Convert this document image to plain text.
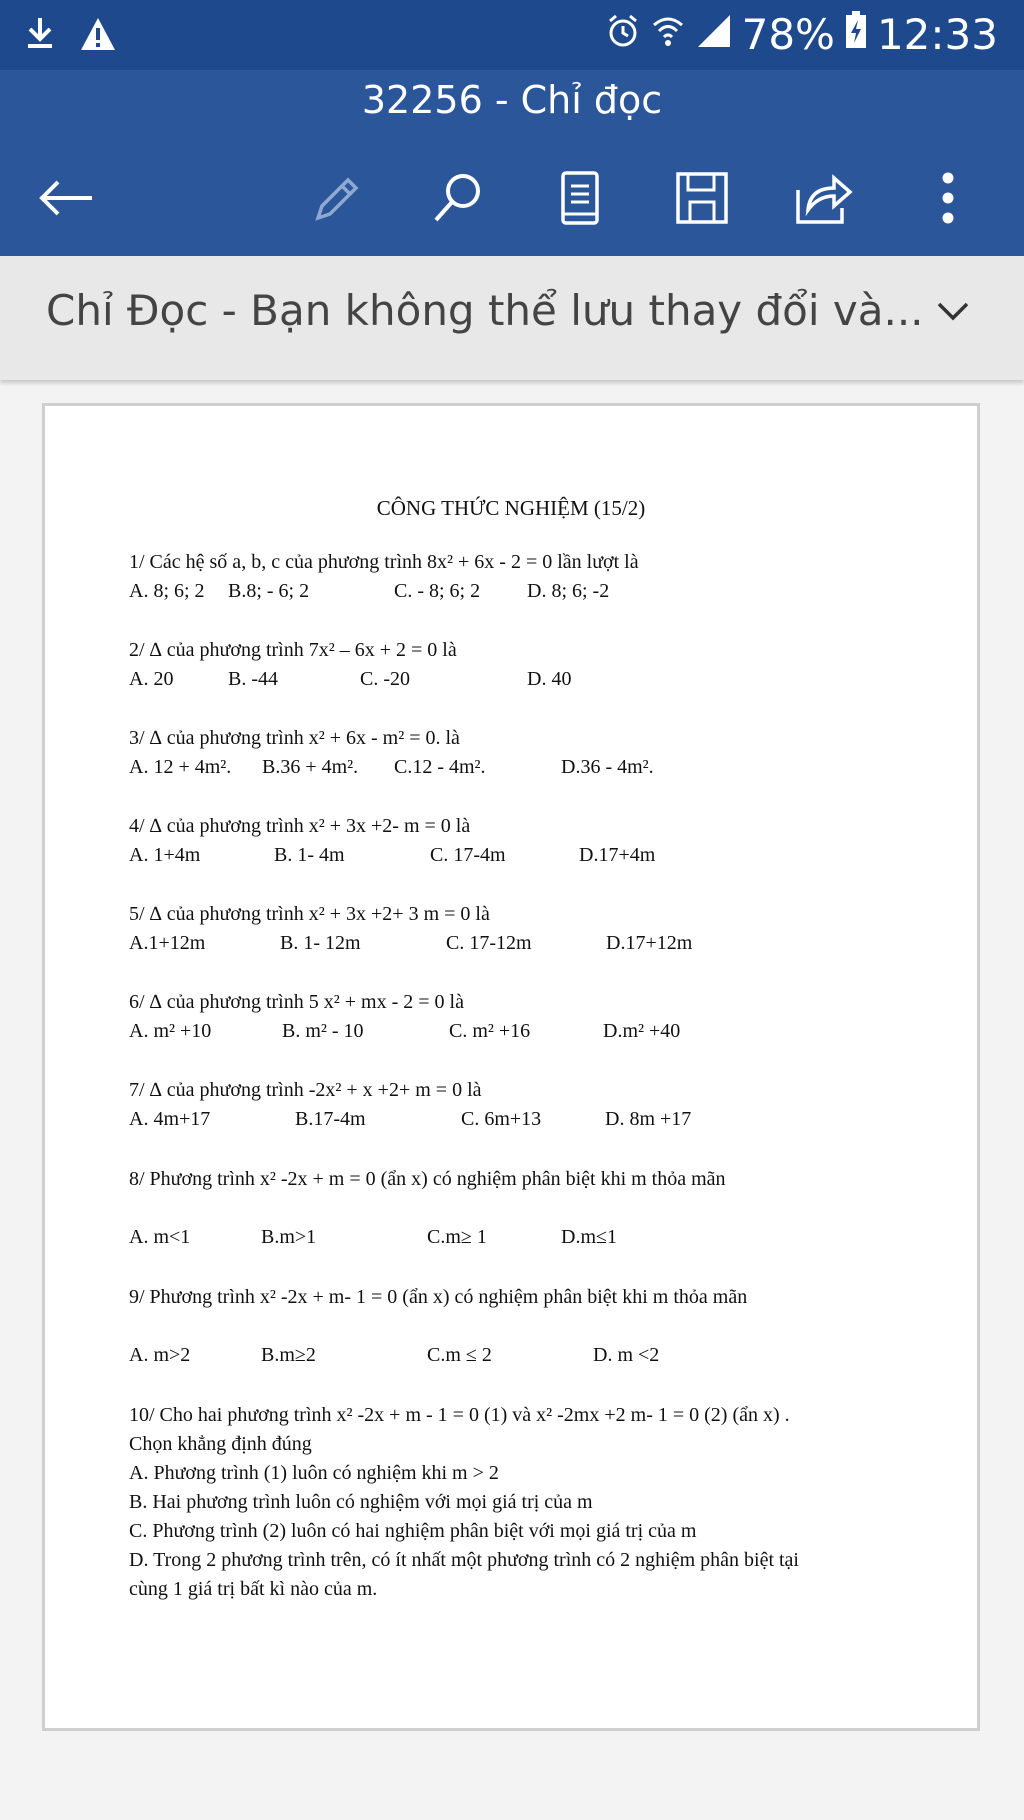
78% 12:33
32256 - Chỉ đọc
Chỉ Đọc - Bạn không thể lưu thay đổi và...
CÔNG THỨC NGHIỆM (15/2)
1/ Các hệ số a, b, c của phương trình 8x² + 6x - 2 = 0 lần lượt là
A. 8; 6; 2 B.8; - 6; 2	C. - 8; 6; 2 D. 8; 6; -2
2/ ∆ của phương trình 7x² – 6x + 2 = 0 là
A. 20	B. -44	C. -20	D. 40
3/ ∆ của phương trình x² + 6x - m² = 0. là
A. 12 + 4m². B.36 + 4m². C.12 - 4m².	D.36 - 4m².
4/ ∆ của phương trình x² + 3x +2- m = 0 là
A. 1+4m	B. 1- 4m	C. 17-4m	D.17+4m
5/ ∆ của phương trình x² + 3x +2+ 3 m = 0 là
A.1+12m	B. 1- 12m	C. 17-12m	D.17+12m
6/ ∆ của phương trình 5 x² + mx - 2 = 0 là
A. m² +10	B. m² - 10	C. m² +16	D.m² +40
7/ ∆ của phương trình -2x² + x +2+ m = 0 là
A. 4m+17	B.17-4m	C. 6m+13	D. 8m +17
8/ Phương trình x² -2x + m = 0 (ẩn x) có nghiệm phân biệt khi m thỏa mãn
A. m<1	B.m>1	C.m≥ 1	D.m≤1
9/ Phương trình x² -2x + m- 1 = 0 (ẩn x) có nghiệm phân biệt khi m thỏa mãn
A. m>2	B.m≥2	C.m ≤ 2	D. m <2
10/ Cho hai phương trình x² -2x + m - 1 = 0 (1) và x² -2mx +2 m- 1 = 0 (2) (ẩn x) .
Chọn khẳng định đúng
A. Phương trình (1) luôn có nghiệm khi m > 2
B. Hai phương trình luôn có nghiệm với mọi giá trị của m
C. Phương trình (2) luôn có hai nghiệm phân biệt với mọi giá trị của m
D. Trong 2 phương trình trên, có ít nhất một phương trình có 2 nghiệm phân biệt tại
cùng 1 giá trị bất kì nào của m.
